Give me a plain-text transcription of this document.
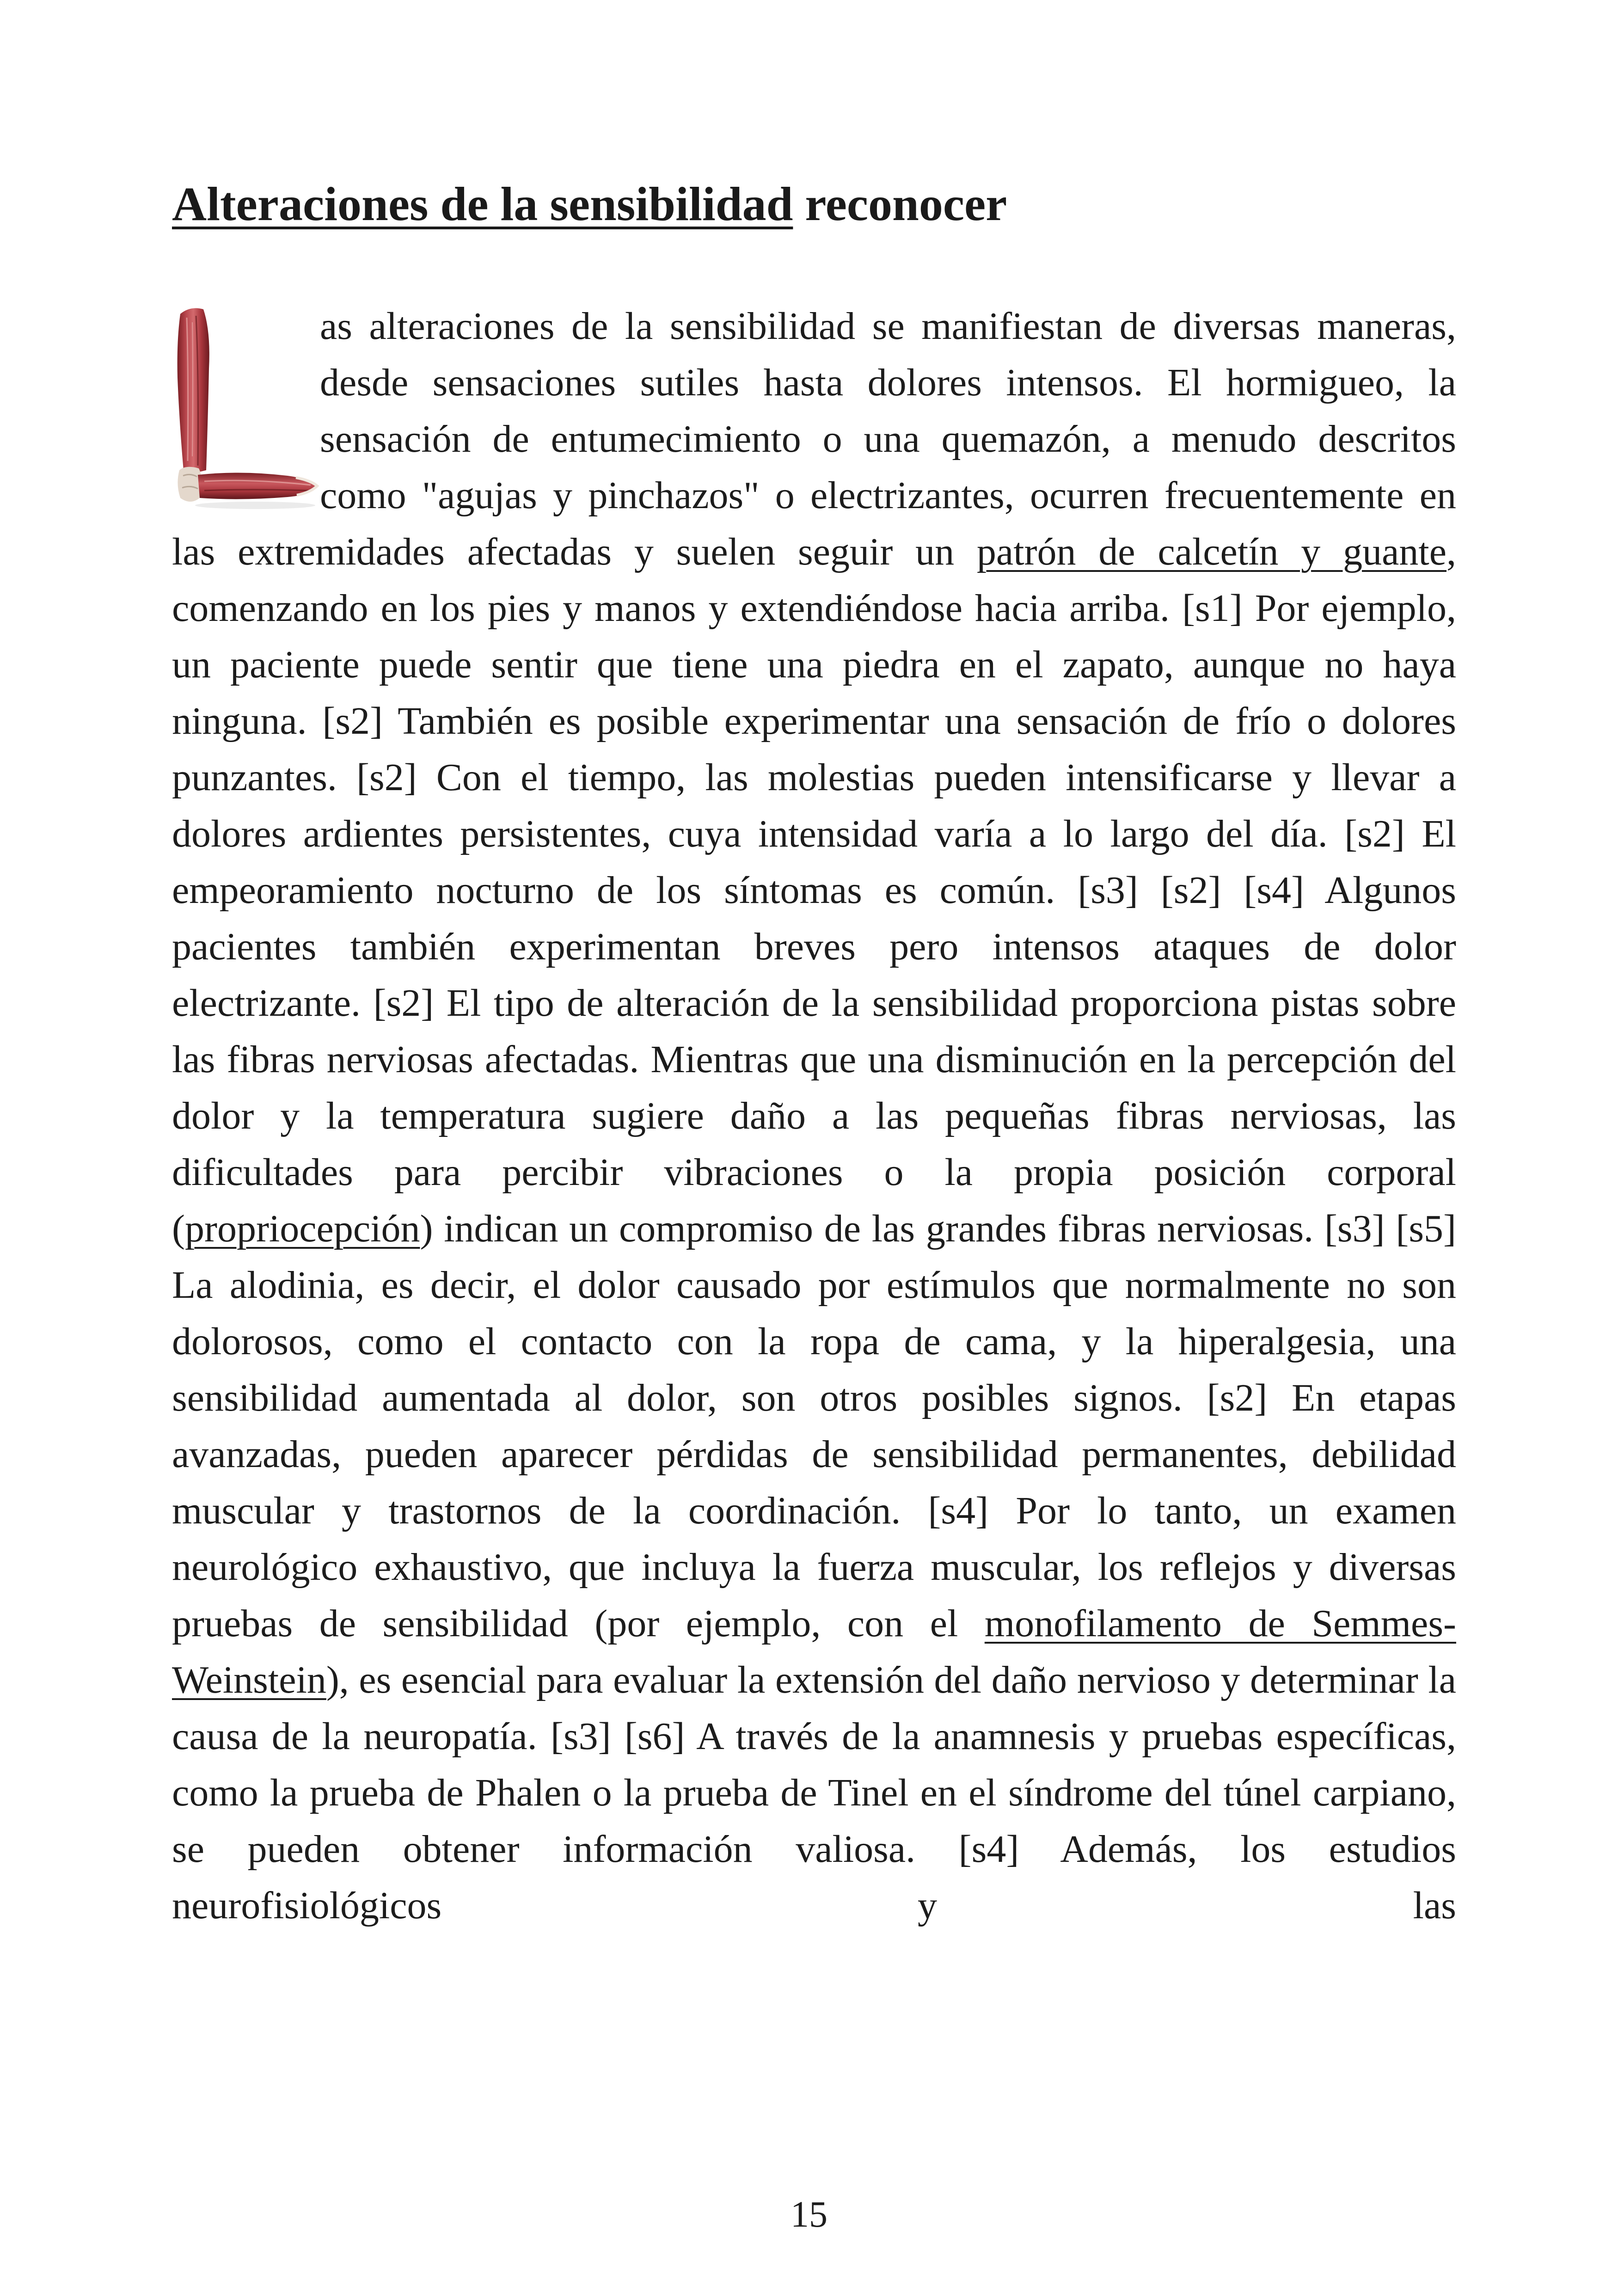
Alteraciones de la sensibilidad reconocer

as alteraciones de la sensibilidad se manifiestan de diversas maneras, desde sensaciones sutiles hasta dolores intensos. El hormigueo, la sensación de entumecimiento o una quemazón, a menudo descritos como "agujas y pinchazos" o electrizantes, ocurren frecuentemente en las extremidades afectadas y suelen seguir un patrón de calcetín y guante, comenzando en los pies y manos y extendiéndose hacia arriba. [s1] Por ejemplo, un paciente puede sentir que tiene una piedra en el zapato, aunque no haya ninguna. [s2] También es posible experimentar una sensación de frío o dolores punzantes. [s2] Con el tiempo, las molestias pueden intensificarse y llevar a dolores ardientes persistentes, cuya intensidad varía a lo largo del día. [s2] El empeoramiento nocturno de los síntomas es común. [s3] [s2] [s4] Algunos pacientes también experimentan breves pero intensos ataques de dolor electrizante. [s2] El tipo de alteración de la sensibilidad proporciona pistas sobre las fibras nerviosas afectadas. Mientras que una disminución en la percepción del dolor y la temperatura sugiere daño a las pequeñas fibras nerviosas, las dificultades para percibir vibraciones o la propia posición corporal (propriocepción) indican un compromiso de las grandes fibras nerviosas. [s3] [s5] La alodinia, es decir, el dolor causado por estímulos que normalmente no son dolorosos, como el contacto con la ropa de cama, y la hiperalgesia, una sensibilidad aumentada al dolor, son otros posibles signos. [s2] En etapas avanzadas, pueden aparecer pérdidas de sensibilidad permanentes, debilidad muscular y trastornos de la coordinación. [s4] Por lo tanto, un examen neurológico exhaustivo, que incluya la fuerza muscular, los reflejos y diversas pruebas de sensibilidad (por ejemplo, con el monofilamento de Semmes-Weinstein), es esencial para evaluar la extensión del daño nervioso y determinar la causa de la neuropatía. [s3] [s6] A través de la anamnesis y pruebas específicas, como la prueba de Phalen o la prueba de Tinel en el síndrome del túnel carpiano, se pueden obtener información valiosa. [s4] Además, los estudios neurofisiológicos y las

15
